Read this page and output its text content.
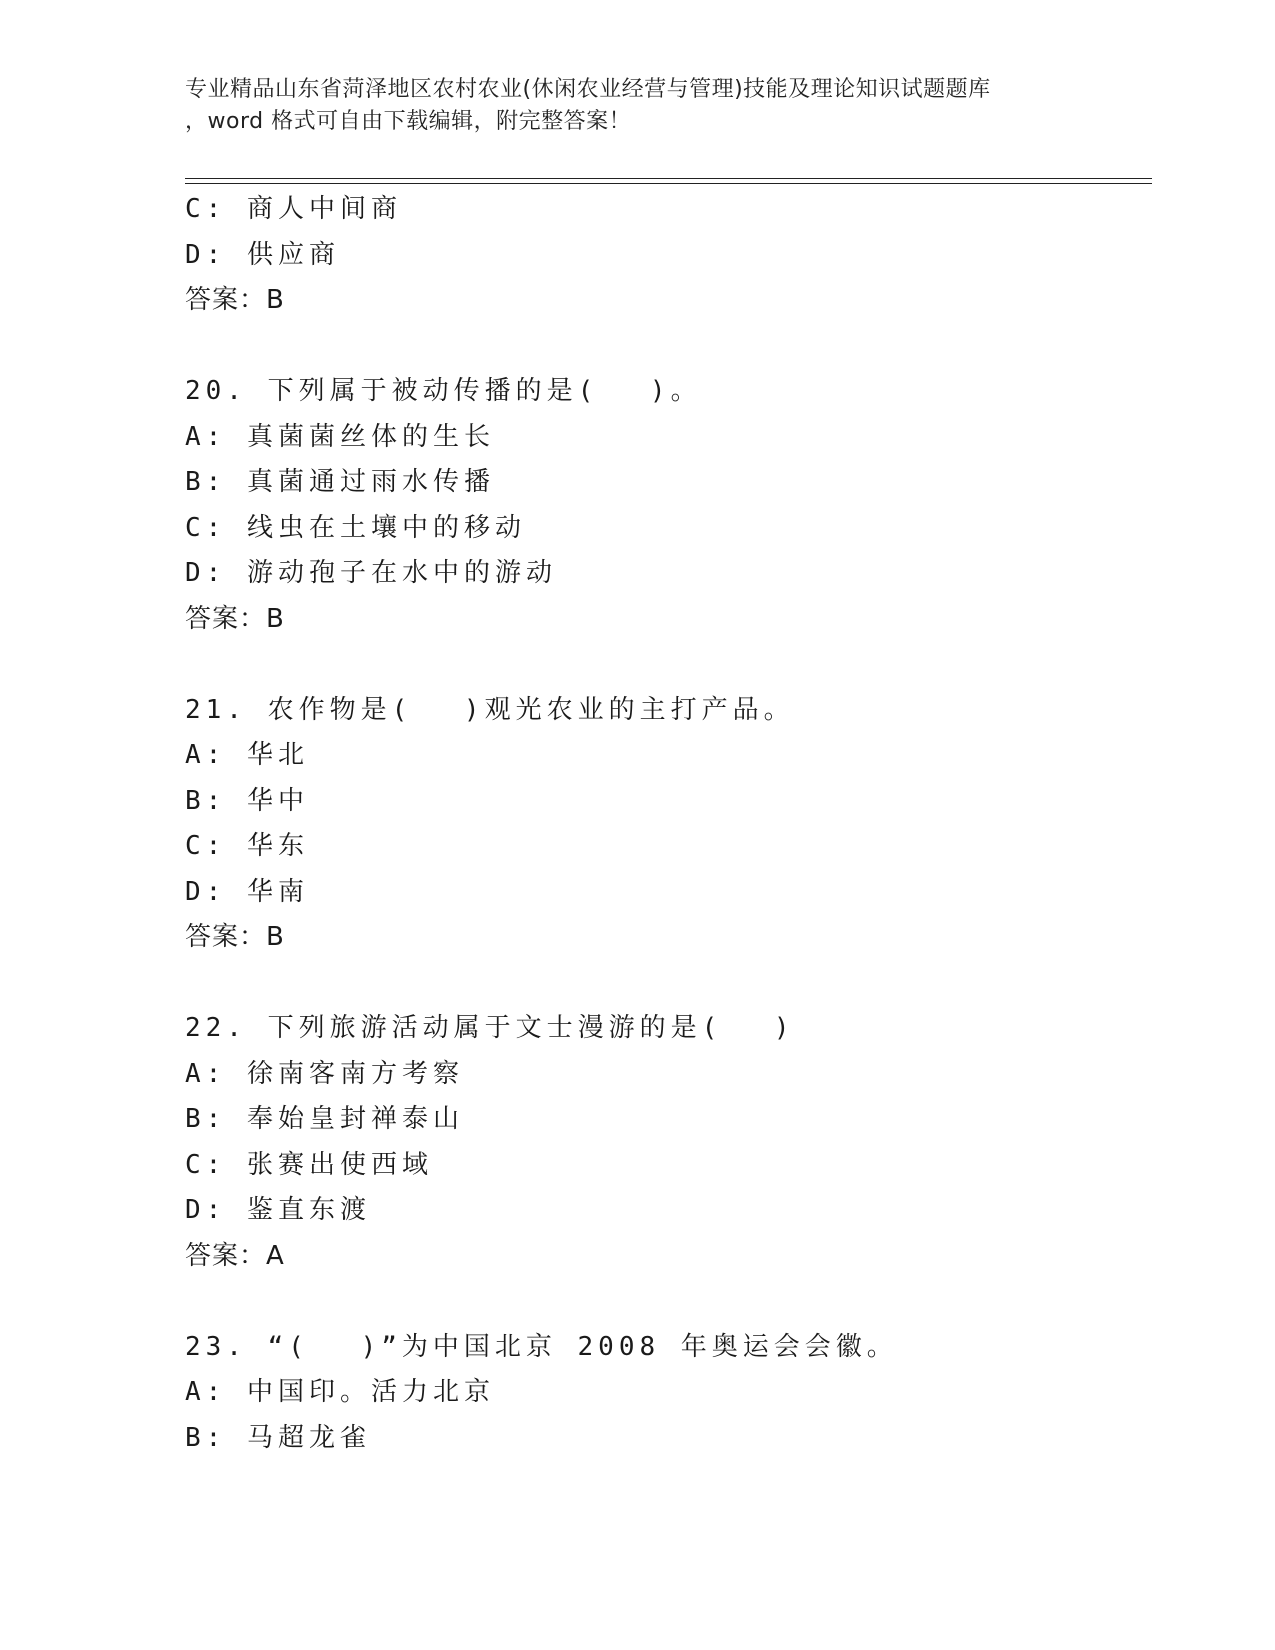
专业精品山东省菏泽地区农村农业(休闲农业经营与管理)技能及理论知识试题题库
，word 格式可自由下载编辑，附完整答案！
C: 商人中间商
D: 供应商
答案：B
20. 下列属于被动传播的是(　 )。
A: 真菌菌丝体的生长
B: 真菌通过雨水传播
C: 线虫在土壤中的移动
D: 游动孢子在水中的游动
答案：B
21. 农作物是(　 )观光农业的主打产品。
A: 华北
B: 华中
C: 华东
D: 华南
答案：B
22. 下列旅游活动属于文士漫游的是(　 )
A: 徐南客南方考察
B: 奉始皇封禅泰山
C: 张赛出使西域
D: 鉴直东渡
答案：A
23. “(　 )”为中国北京 2008 年奥运会会徽。
A: 中国印。活力北京
B: 马超龙雀
